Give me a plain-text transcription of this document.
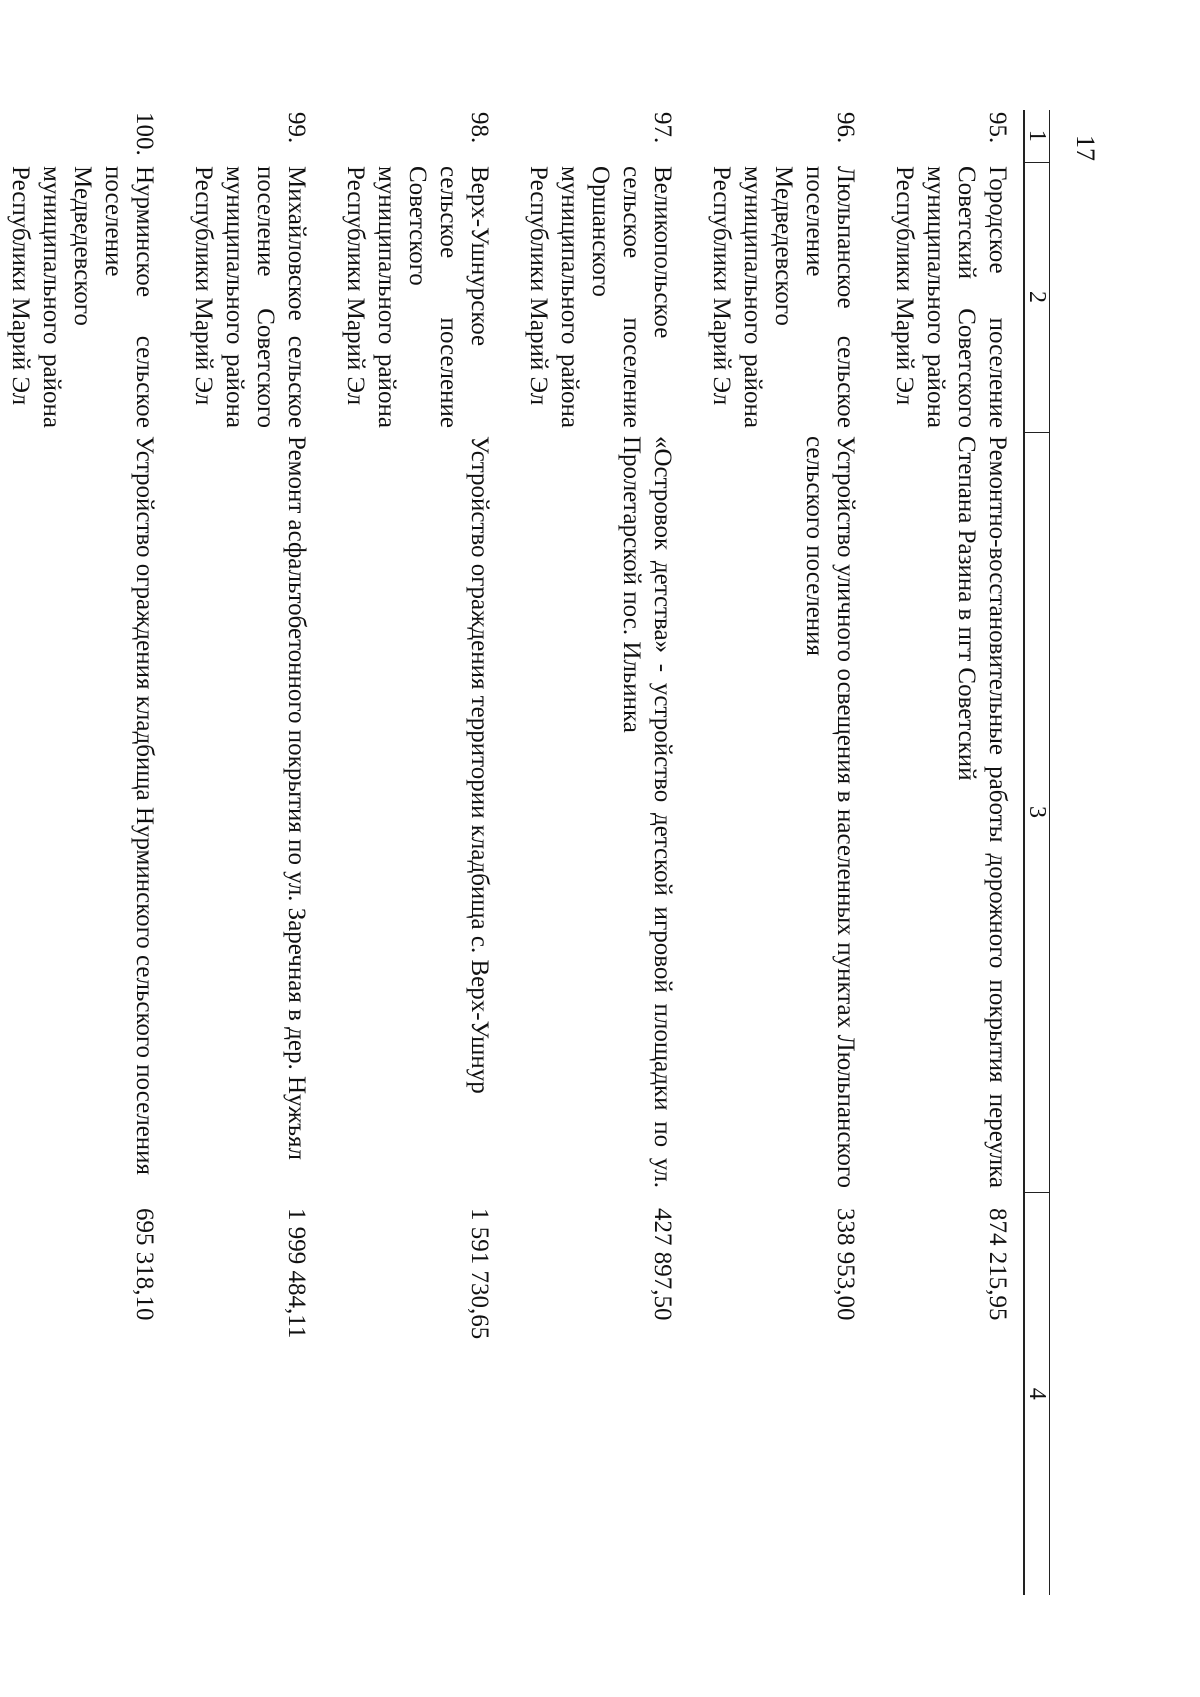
17
1	2	3	4
95.	Городское поселение Советский Советского муниципального района Республики Марий Эл	Ремонтно-восстановительные работы дорожного покрытия переулка Степана Разина в пгт Советский	874 215,95
96.	Люльпанское сельское поселение Медведевского муниципального района Республики Марий Эл	Устройство уличного освещения в населенных пунктах Люльпанского сельского поселения	338 953,00
97.	Великопольское сельское поселение Оршанского муниципального района Республики Марий Эл	«Островок детства» - устройство детской игровой площадки по ул. Пролетарской пос. Ильинка	427 897,50
98.	Верх-Ушнурское сельское поселение Советского муниципального района Республики Марий Эл	Устройство ограждения территории кладбища с. Верх-Ушнур	1 591 730,65
99.	Михайловское сельское поселение Советского муниципального района Республики Марий Эл	Ремонт асфальтобетонного покрытия по ул. Заречная в дер. Нужъял	1 999 484,11
100.	Нурминское сельское поселение Медведевского муниципального района Республики Марий Эл	Устройство ограждения кладбища Нурминского сельского поселения	695 318,10
